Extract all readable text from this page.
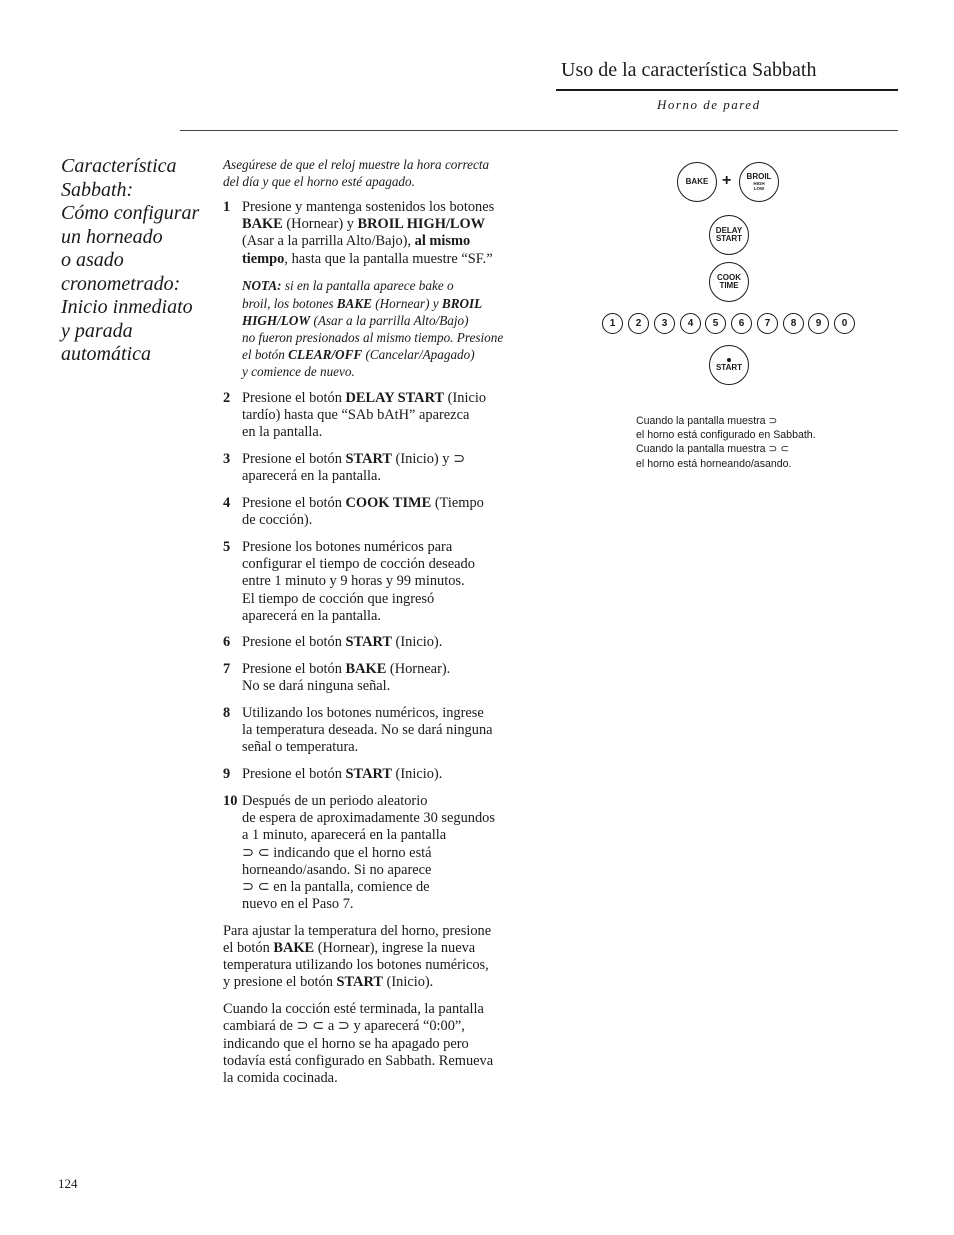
Uso de la característica Sabbath
Horno de pared
Característica
Sabbath:
Cómo configurar
un horneado
o asado
cronometrado:
Inicio inmediato
y parada
automática
Asegúrese de que el reloj muestre la hora correcta
del día y que el horno esté apagado.
1 Presione y mantenga sostenidos los botones
BAKE (Hornear) y BROIL HIGH/LOW
(Asar a la parrilla Alto/Bajo), al mismo
tiempo, hasta que la pantalla muestre “SF.”
NOTA: si en la pantalla aparece bake o
broil, los botones BAKE (Hornear) y BROIL
HIGH/LOW (Asar a la parrilla Alto/Bajo)
no fueron presionados al mismo tiempo. Presione
el botón CLEAR/OFF (Cancelar/Apagado)
y comience de nuevo.
2 Presione el botón DELAY START (Inicio
tardío) hasta que “SAb bAtH” aparezca
en la pantalla.
3 Presione el botón START (Inicio) y ⊃
aparecerá en la pantalla.
4 Presione el botón COOK TIME (Tiempo
de cocción).
5 Presione los botones numéricos para
configurar el tiempo de cocción deseado
entre 1 minuto y 9 horas y 99 minutos.
El tiempo de cocción que ingresó
aparecerá en la pantalla.
6 Presione el botón START (Inicio).
7 Presione el botón BAKE (Hornear).
No se dará ninguna señal.
8 Utilizando los botones numéricos, ingrese
la temperatura deseada. No se dará ninguna
señal o temperatura.
9 Presione el botón START (Inicio).
10 Después de un periodo aleatorio
de espera de aproximadamente 30 segundos
a 1 minuto, aparecerá en la pantalla
⊃ ⊂ indicando que el horno está
horneando/asando. Si no aparece
⊃ ⊂ en la pantalla, comience de
nuevo en el Paso 7.
Para ajustar la temperatura del horno, presione
el botón BAKE (Hornear), ingrese la nueva
temperatura utilizando los botones numéricos,
y presione el botón START (Inicio).
Cuando la cocción esté terminada, la pantalla
cambiará de ⊃ ⊂ a ⊃ y aparecerá “0:00”,
indicando que el horno se ha apagado pero
todavía está configurado en Sabbath. Remueva
la comida cocinada.
BAKE + BROIL
HIGH
LOW
DELAY
START
COOK
TIME
1	2	3	4	5	6	7	8	9	0
START
Cuando la pantalla muestra ⊃
el horno está configurado en Sabbath.
Cuando la pantalla muestra ⊃ ⊂
el horno está horneando/asando.
124
